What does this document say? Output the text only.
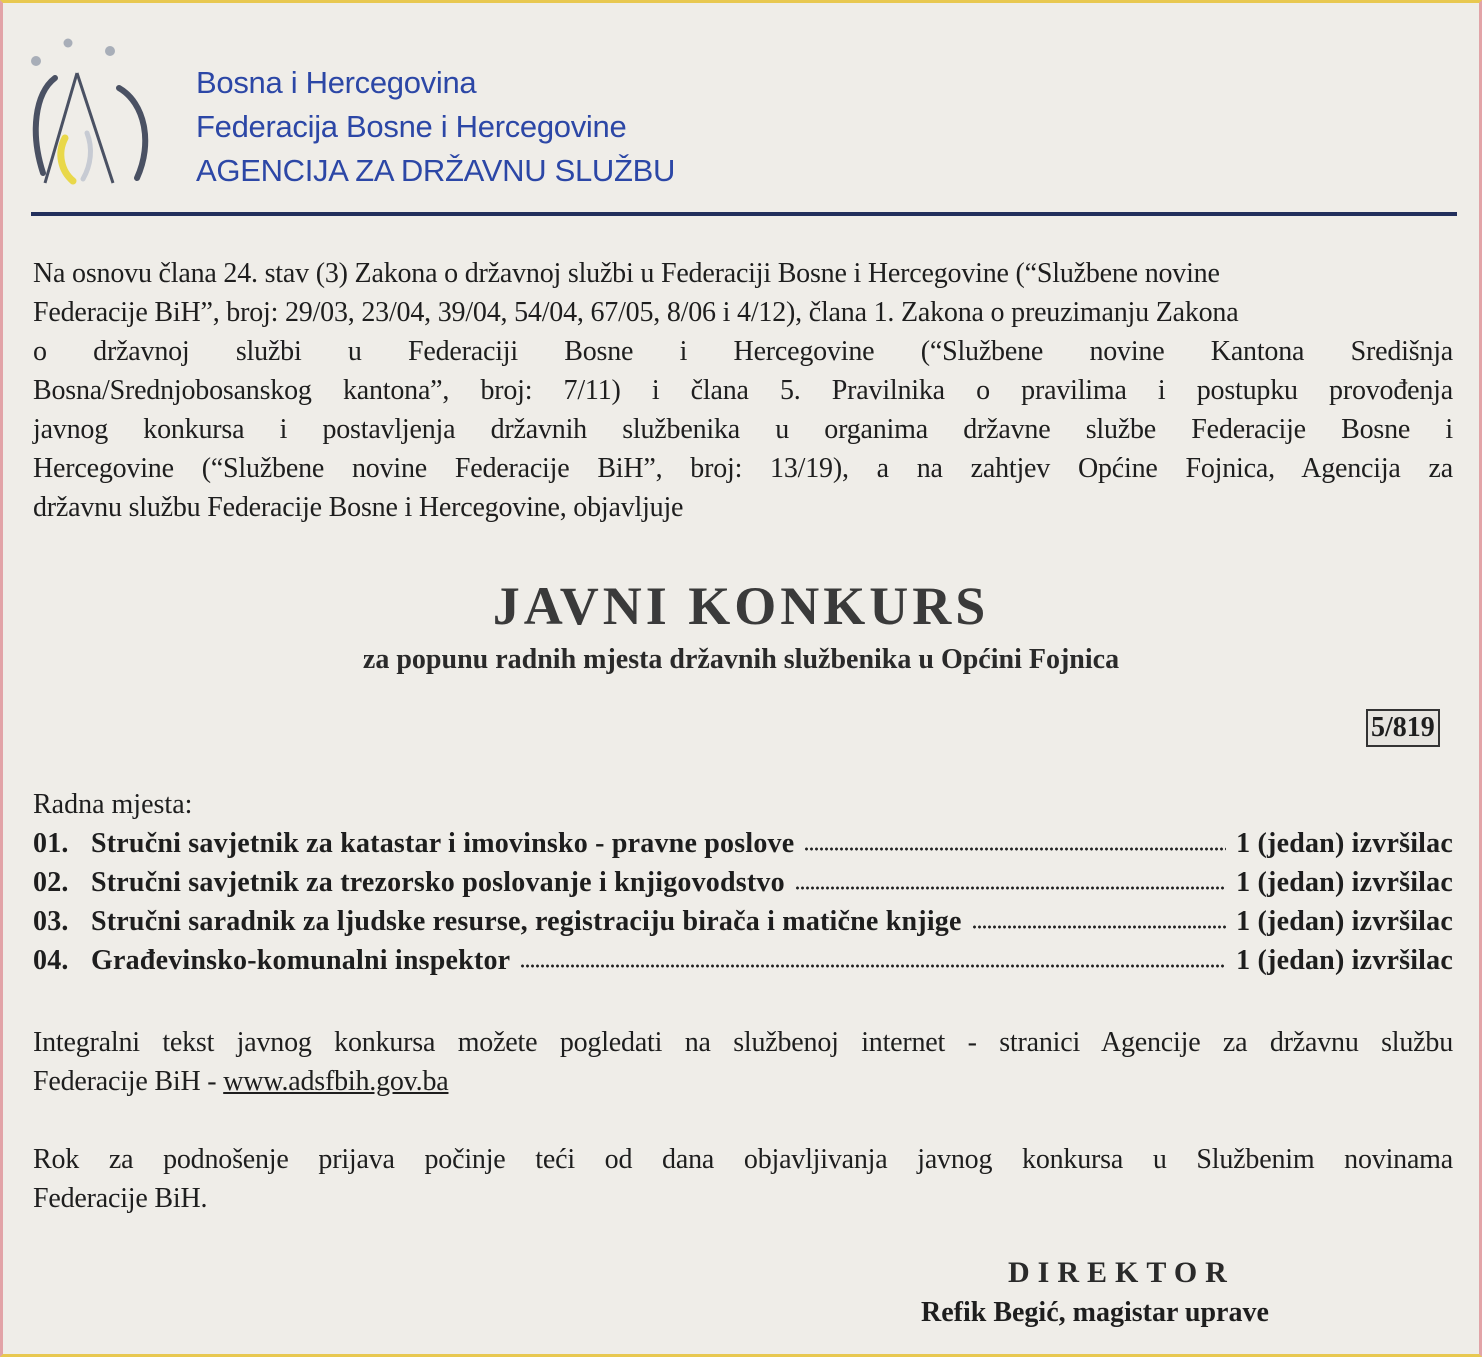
Bosna i Hercegovina
Federacija Bosne i Hercegovine
AGENCIJA ZA DRŽAVNU SLUŽBU
Na osnovu člana 24. stav (3) Zakona o državnoj službi u Federaciji Bosne i Hercegovine (“Službene novine
Federacije BiH”, broj: 29/03, 23/04, 39/04, 54/04, 67/05, 8/06 i 4/12), člana 1. Zakona o preuzimanju Zakona
o državnoj službi u Federaciji Bosne i Hercegovine (“Službene novine Kantona Središnja
Bosna/Srednjobosanskog kantona”, broj: 7/11) i člana 5. Pravilnika o pravilima i postupku provođenja
javnog konkursa i postavljenja državnih službenika u organima državne službe Federacije Bosne i
Hercegovine (“Službene novine Federacije BiH”, broj: 13/19), a na zahtjev Općine Fojnica, Agencija za
državnu službu Federacije Bosne i Hercegovine, objavljuje
JAVNI KONKURS
za popunu radnih mjesta državnih službenika u Općini Fojnica
5/819
Radna mjesta:
01. Stručni savjetnik za katastar i imovinsko - pravne poslove	1 (jedan) izvršilac
02. Stručni savjetnik za trezorsko poslovanje i knjigovodstvo	1 (jedan) izvršilac
03. Stručni saradnik za ljudske resurse, registraciju birača i matične knjige	1 (jedan) izvršilac
04. Građevinsko-komunalni inspektor	1 (jedan) izvršilac
Integralni tekst javnog konkursa možete pogledati na službenoj internet - stranici Agencije za državnu službu
Federacije BiH - www.adsfbih.gov.ba
Rok za podnošenje prijava počinje teći od dana objavljivanja javnog konkursa u Službenim novinama
Federacije BiH.
DIREKTOR
Refik Begić, magistar uprave
